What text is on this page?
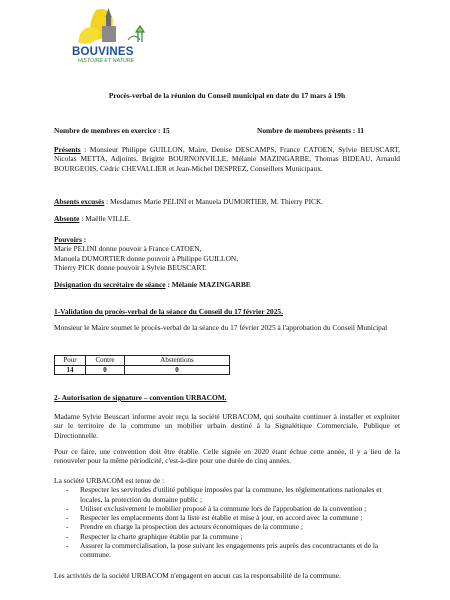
BOUVINES
HISTOIRE ET NATURE
Procès-verbal de la réunion du Conseil municipal en date du 17 mars à 19h
Nombre de membres en exercice : 15	Nombre de membres présents : 11
Présents : Monsieur Philippe GUILLON, Maire, Denise DESCAMPS, France CATOEN, Sylvie BEUSCART, Nicolas METTA, Adjoints, Brigitte BOURNONVILLE, Mélanie MAZINGARBE, Thomas BIDEAU, Arnauld BOURGEOIS, Cédric CHEVALLIER et Jean-Michel DESPREZ, Conseillers Municipaux.
Absents excusés : Mesdames Marie PELINI et Manuela DUMORTIER, M. Thierry PICK.
Absente : Maëlle VILLE.
Pouvoirs :
Marie PELINI donne pouvoir à France CATOEN,
Manuela DUMORTIER donne pouvoir à Philippe GUILLON,
Thierry PICK donne pouvoir à Sylvie BEUSCART.
Désignation du secrétaire de séance : Mélanie MAZINGARBE
1-Validation du procès-verbal de la séance du Conseil du 17 février 2025.
Monsieur le Maire soumet le procès-verbal de la séance du 17 février 2025 à l'approbation du Conseil Municipal
Pour	Contre	Abstentions
14	0	0
2- Autorisation de signature – convention URBACOM.
Madame Sylvie Beuscart informe avoir reçu la société URBACOM, qui souhaite continuer à installer et exploiter sur le territoire de la commune un mobilier urbain destiné à la Signalétique Commerciale, Publique et Directionnelle.
Pour ce faire, une convention doit être établie. Celle signée en 2020 étant échue cette année, il y a lieu de la renouveler pour la même périodicité, c'est-à-dire pour une durée de cinq années.
La société URBACOM est tenue de :
- Respecter les servitudes d'utilité publique imposées par la commune, les réglementations nationales et locales, la protection du domaine public ;
- Utiliser exclusivement le mobilier proposé à la commune lors de l'approbation de la convention ;
- Respecter les emplacements dont la liste est établie et mise à jour, en accord avec la commune ;
- Prendre en charge la prospection des acteurs économiques de la commune ;
- Respecter la charte graphique établie par la commune ;
- Assurer la commercialisation, la pose suivant les engagements pris auprès des cocontractants et de la commune.
Les activités de la société URBACOM n'engagent en aucun cas la responsabilité de la commune.
